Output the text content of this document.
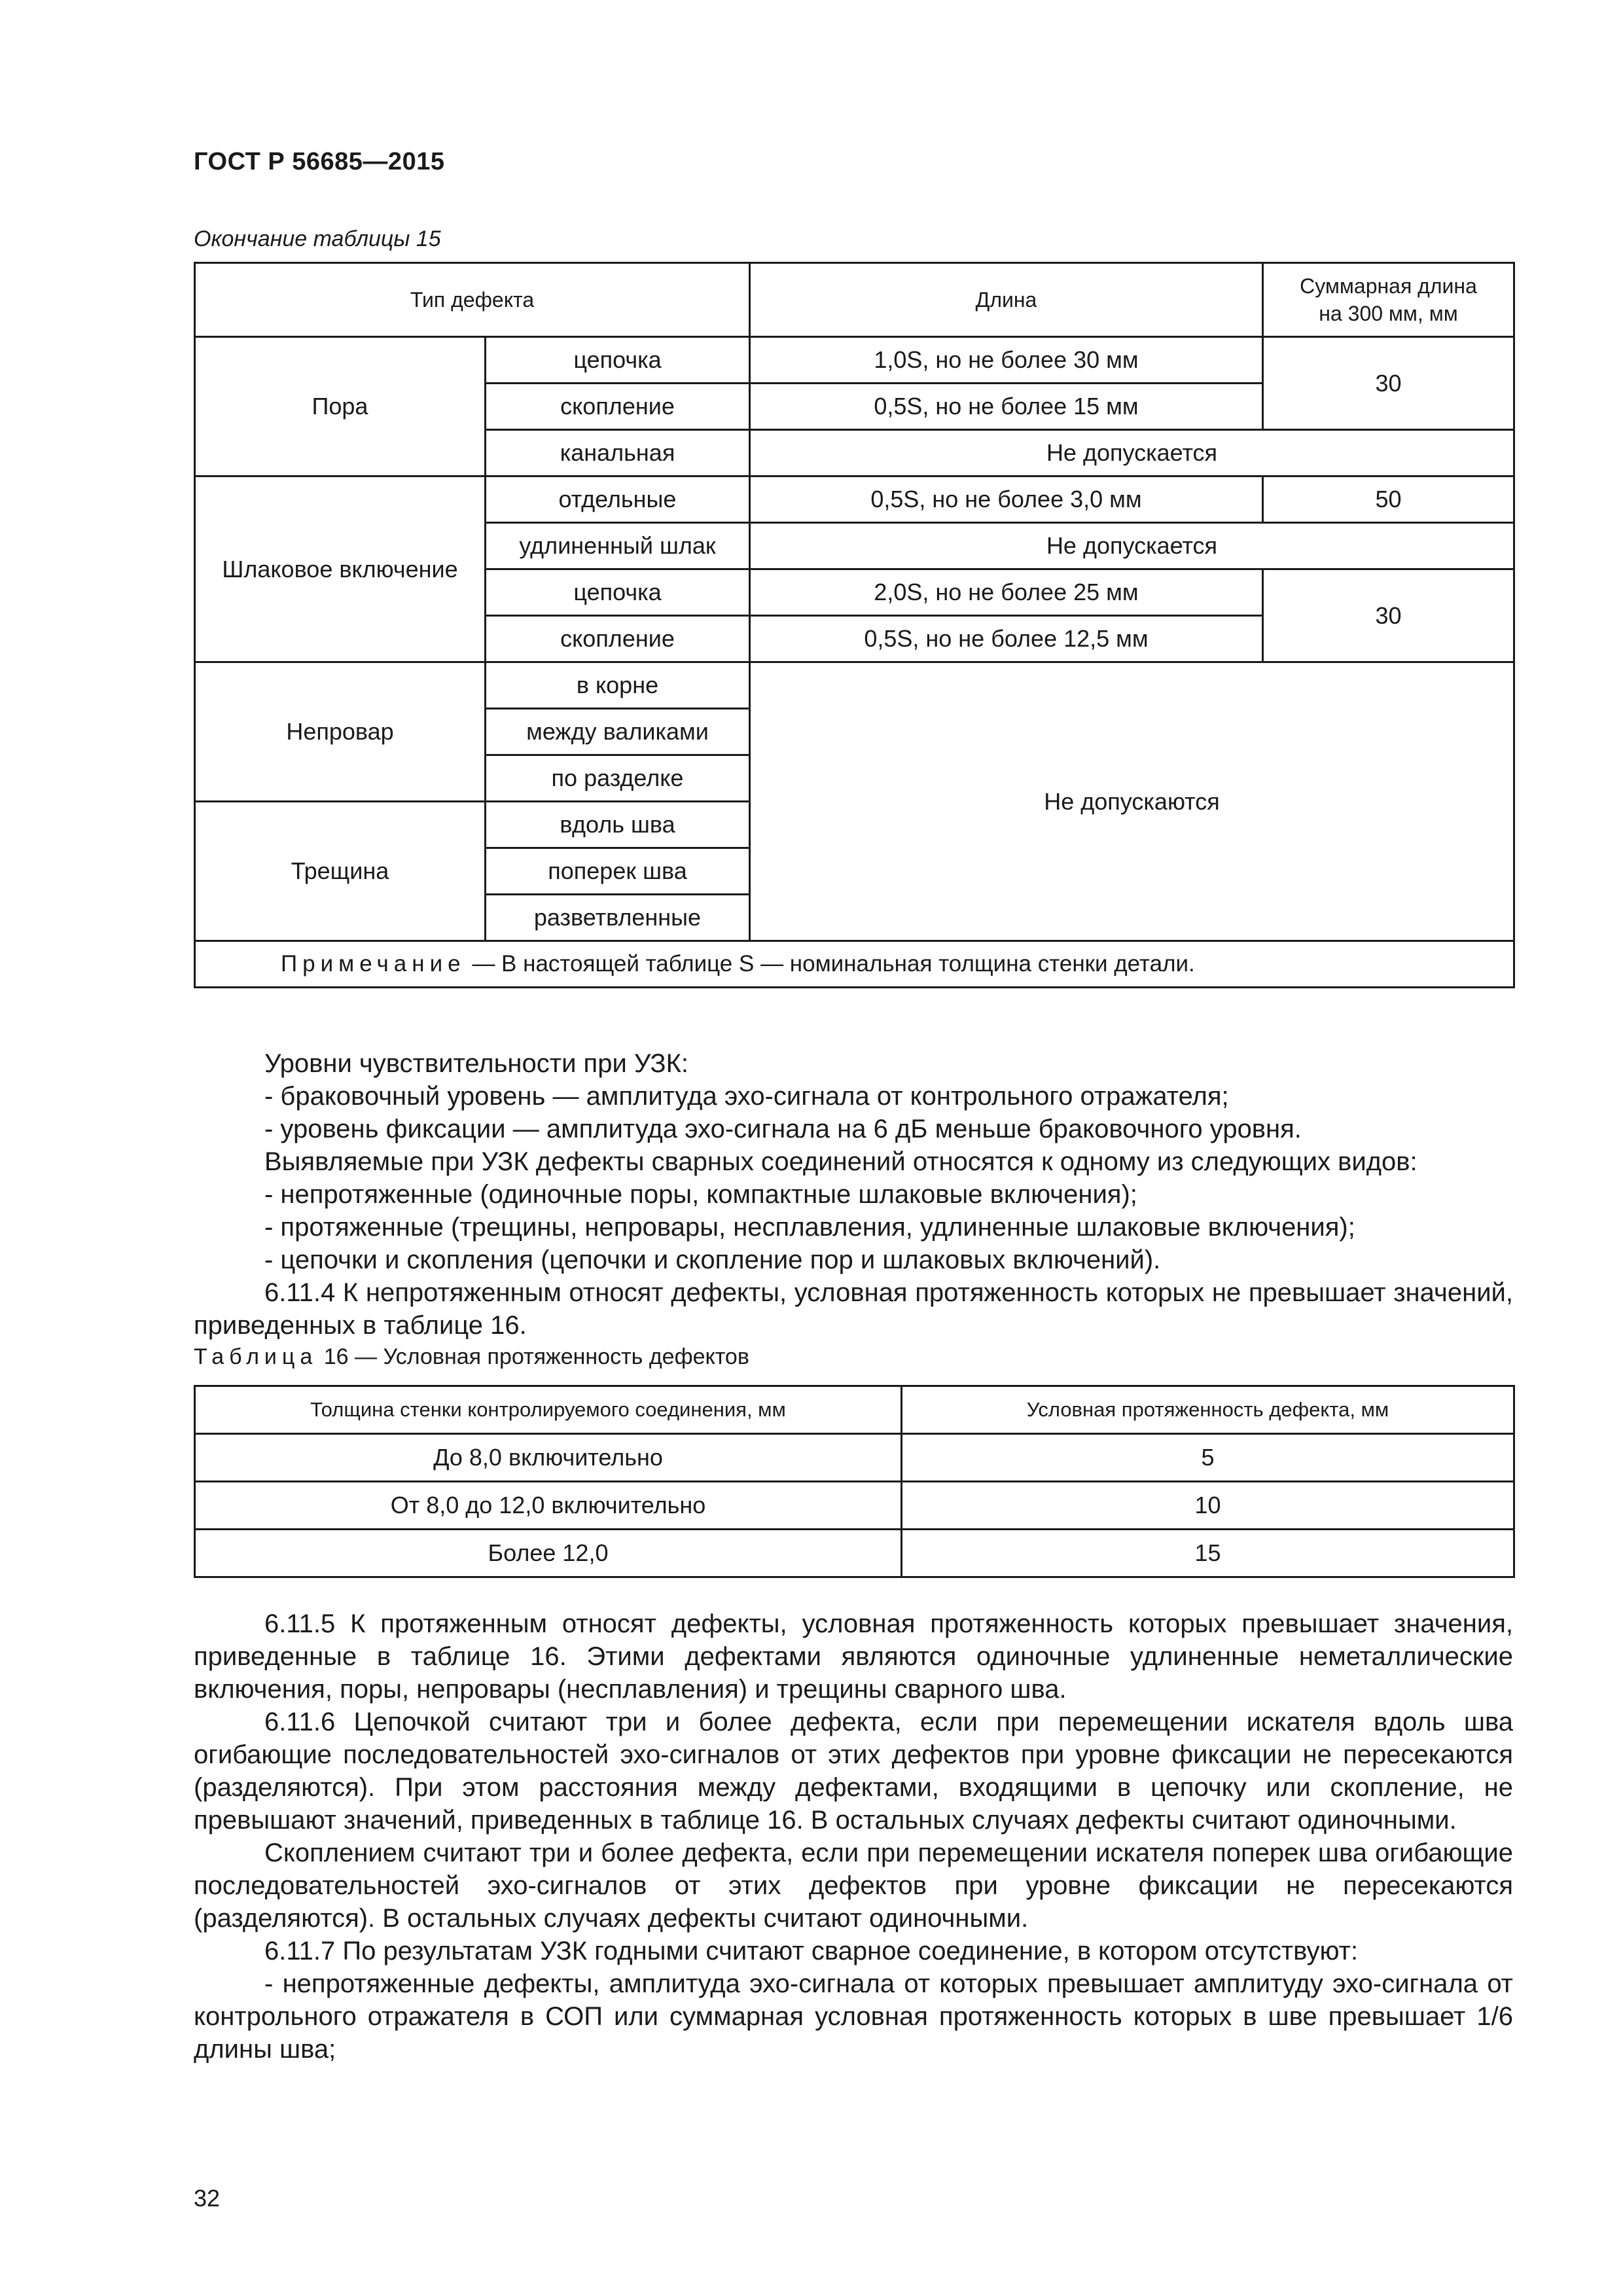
ГОСТ Р 56685—2015
Окончание таблицы 15
Тип дефекта		Длина	Суммарная длина
на 300 мм, мм
Пора	цепочка	1,0S, но не более 30 мм	30
	скопление	0,5S, но не более 15 мм	
	канальная	Не допускается	
Шлаковое включение	отдельные	0,5S, но не более 3,0 мм	50
	удлиненный шлак	Не допускается	
	цепочка	2,0S, но не более 25 мм	30
	скопление	0,5S, но не более 12,5 мм	
Непровар	в корне	Не допускаются	
	между валиками		
	по разделке		
Трещина	вдоль шва		
	поперек шва		
	разветвленные		
Примечание — В настоящей таблице S — номинальная толщина стенки детали.			

Уровни чувствительности при УЗК:

- браковочный уровень — амплитуда эхо-сигнала от контрольного отражателя;

- уровень фиксации — амплитуда эхо-сигнала на 6 дБ меньше браковочного уровня.

Выявляемые при УЗК дефекты сварных соединений относятся к одному из следующих видов:

- непротяженные (одиночные поры, компактные шлаковые включения);

- протяженные (трещины, непровары, несплавления, удлиненные шлаковые включения);

- цепочки и скопления (цепочки и скопление пор и шлаковых включений).

6.11.4 К непротяженным относят дефекты, условная протяженность которых не превышает значений, приведенных в таблице 16.

Таблица 16 — Условная протяженность дефектов
Толщина стенки контролируемого соединения, мм	Условная протяженность дефекта, мм
До 8,0 включительно	5
От 8,0 до 12,0 включительно	10
Более 12,0	15

6.11.5 К протяженным относят дефекты, условная протяженность которых превышает значения, приведенные в таблице 16. Этими дефектами являются одиночные удлиненные неметаллические включения, поры, непровары (несплавления) и трещины сварного шва.

6.11.6 Цепочкой считают три и более дефекта, если при перемещении искателя вдоль шва огибающие последовательностей эхо-сигналов от этих дефектов при уровне фиксации не пересекаются (разделяются). При этом расстояния между дефектами, входящими в цепочку или скопление, не превышают значений, приведенных в таблице 16. В остальных случаях дефекты считают одиночными.

Скоплением считают три и более дефекта, если при перемещении искателя поперек шва огибающие последовательностей эхо-сигналов от этих дефектов при уровне фиксации не пересекаются (разделяются). В остальных случаях дефекты считают одиночными.

6.11.7 По результатам УЗК годными считают сварное соединение, в котором отсутствуют:

- непротяженные дефекты, амплитуда эхо-сигнала от которых превышает амплитуду эхо-сигнала от контрольного отражателя в СОП или суммарная условная протяженность которых в шве превышает 1/6 длины шва;

32
